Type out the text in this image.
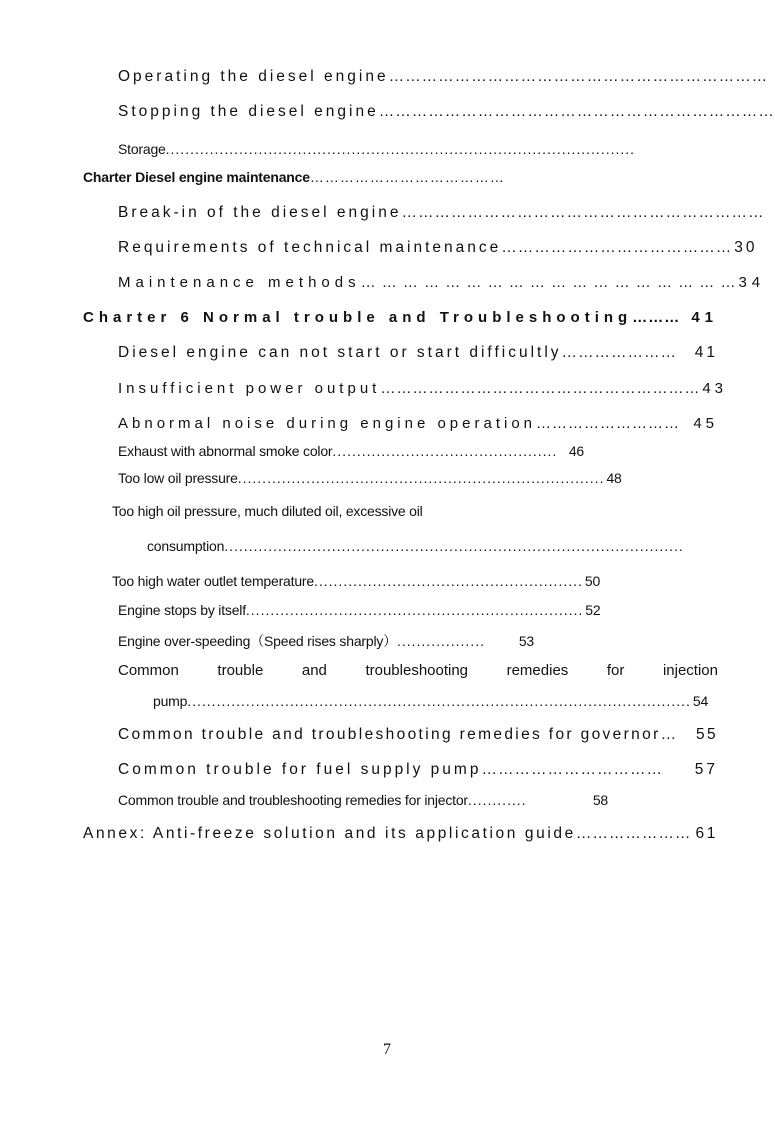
Operating the diesel engine ……………………………………………………………
Stopping the diesel engine ………………………………………………………………
Storage ................................................................................................
Charter Diesel engine maintenance …………………………………
Break-in of the diesel engine …………………………………………………………
Requirements of technical maintenance …………………………………… 30
Maintenance methods … … … … … … … … … … … … … … … … … … 34
Charter 6 Normal trouble and Troubleshooting ……… 41
Diesel engine can not start or start difficultly …………………	41
Insufficient power output …………………………………………………… 43
Abnormal noise during engine operation ……………………… 45
Exhaust with abnormal smoke color .............................................. 46
Too low oil pressure ........................................................................... 48
Too high oil pressure, much diluted oil, excessive oil
consumption ..............................................................................................
Too high water outlet temperature ....................................................... 50
Engine stops by itself ..................................................................... 52
Engine over-speeding（Speed rises sharply） ..................	53
Common	trouble	and	troubleshooting	remedies	for	injection
pump ....................................................................................................... 54
Common trouble and troubleshooting remedies for governor …	55
Common trouble for fuel supply pump ……………………………	57
Common trouble and troubleshooting remedies for injector ............	58
Annex: Anti-freeze solution and its application guide ………………… 61
7
